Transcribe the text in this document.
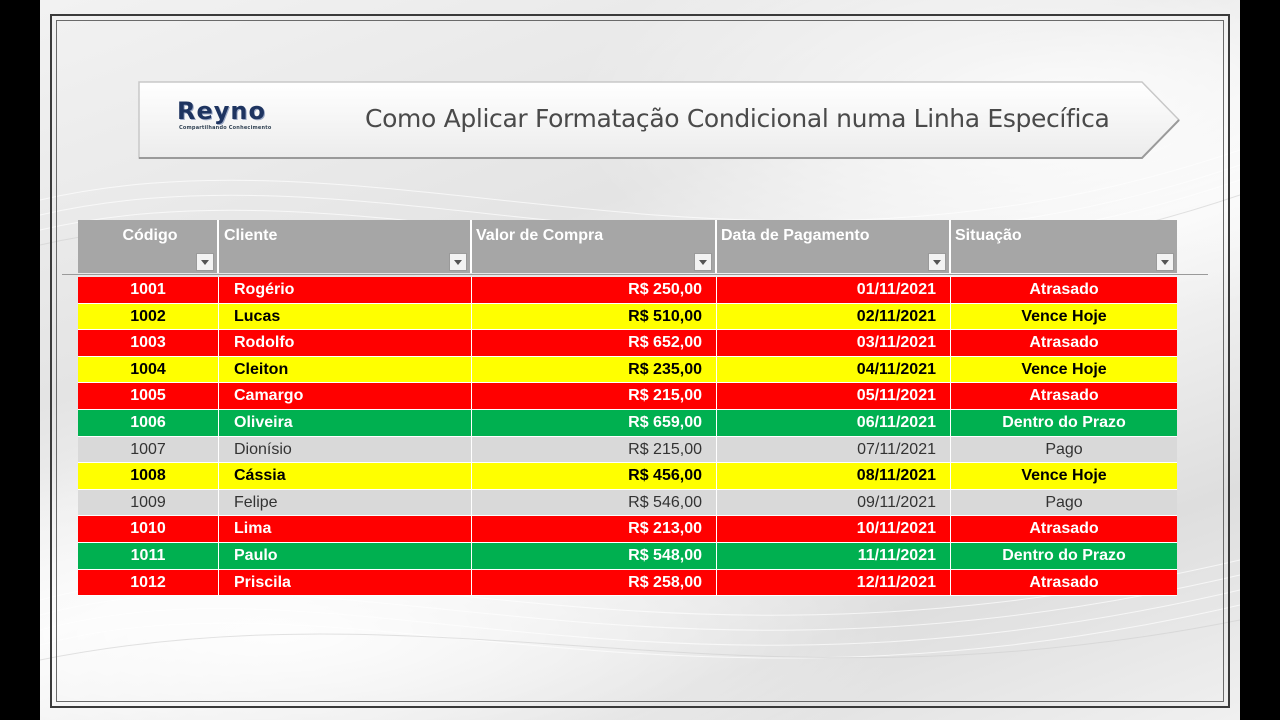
Reyno
Compartilhando Conhecimento	Como Aplicar Formatação Condicional numa Linha Específica
Código	Cliente	Valor de Compra	Data de Pagamento	Situação
1001	Rogério	R$ 250,00	01/11/2021	Atrasado
1002	Lucas	R$ 510,00	02/11/2021	Vence Hoje
1003	Rodolfo	R$ 652,00	03/11/2021	Atrasado
1004	Cleiton	R$ 235,00	04/11/2021	Vence Hoje
1005	Camargo	R$ 215,00	05/11/2021	Atrasado
1006	Oliveira	R$ 659,00	06/11/2021	Dentro do Prazo
1007	Dionísio	R$ 215,00	07/11/2021	Pago
1008	Cássia	R$ 456,00	08/11/2021	Vence Hoje
1009	Felipe	R$ 546,00	09/11/2021	Pago
1010	Lima	R$ 213,00	10/11/2021	Atrasado
1011	Paulo	R$ 548,00	11/11/2021	Dentro do Prazo
1012	Priscila	R$ 258,00	12/11/2021	Atrasado
